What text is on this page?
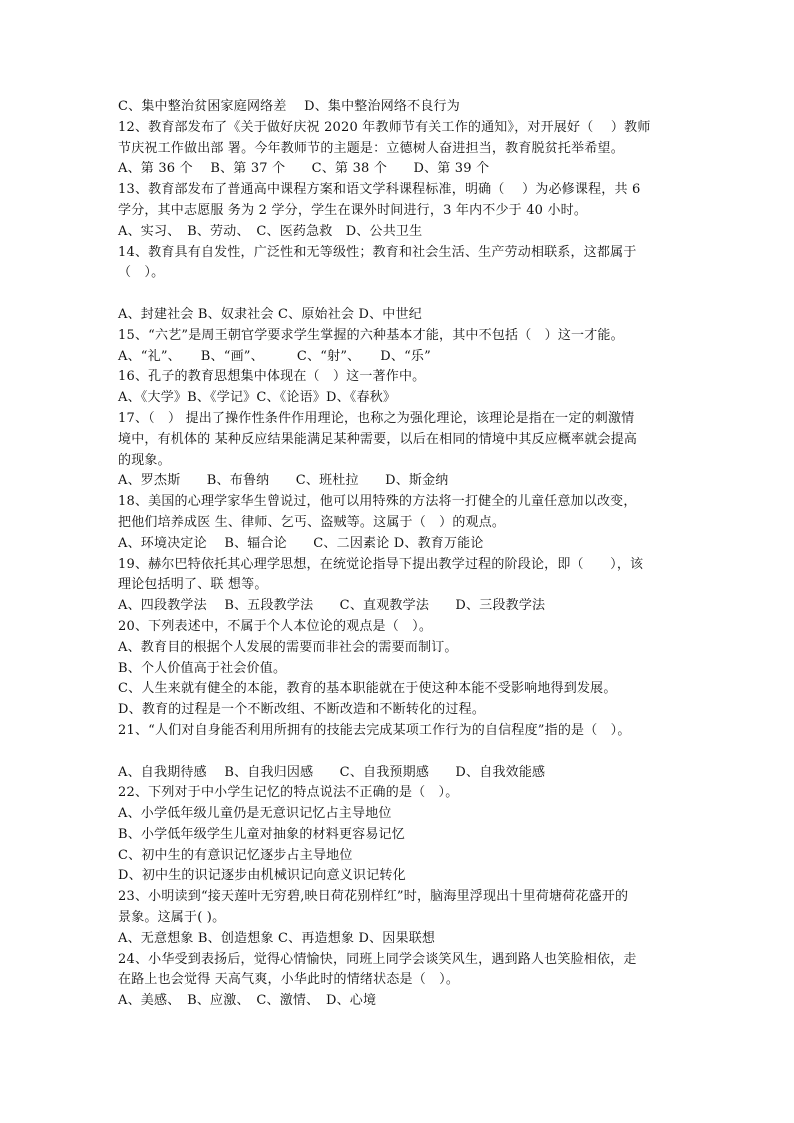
C、集中整治贫困家庭网络差　 D、集中整治网络不良行为
12、教育部发布了《关于做好庆祝 2020 年教师节有关工作的通知》，对开展好（　 ）教师
节庆祝工作做出部 署。今年教师节的主题是：立德树人奋进担当，教育脱贫托举希望。
A、第 36 个　 B、第 37 个　　C、第 38 个　　D、第 39 个
13、教育部发布了普通高中课程方案和语文学科课程标准，明确（　 ）为必修课程，共 6
学分，其中志愿服 务为 2 学分，学生在课外时间进行，3 年内不少于 40 小时。
A、实习、　B、劳动、　C、医药急救　D、公共卫生
14、教育具有自发性，广泛性和无等级性；教育和社会生活、生产劳动相联系，这都属于
（　）。
A、封建社会 B、奴隶社会 C、原始社会 D、中世纪
15、“六艺”是周王朝官学要求学生掌握的六种基本才能，其中不包括（　）这一才能。
A、“礼”、　　B、“画”、　　　C、“射”、　　D、“乐”
16、孔子的教育思想集中体现在（　）这一著作中。
A、《大学》B、《学记》C、《论语》D、《春秋》
17、（　） 提出了操作性条件作用理论，也称之为强化理论，该理论是指在一定的刺激情
境中，有机体的 某种反应结果能满足某种需要，以后在相同的情境中其反应概率就会提高
的现象。
A、罗杰斯　　B、布鲁纳　　C、班杜拉　　D、斯金纳
18、美国的心理学家华生曾说过，他可以用特殊的方法将一打健全的儿童任意加以改变，
把他们培养成医 生、律师、乞丐、盗贼等。这属于（　）的观点。
A、环境决定论　 B、辐合论　　C、二因素论 D、教育万能论
19、赫尔巴特依托其心理学思想，在统觉论指导下提出教学过程的阶段论，即（　　），该
理论包括明了、联 想等。
A、四段教学法　 B、五段教学法　　C、直观教学法　　D、三段教学法
20、下列表述中，不属于个人本位论的观点是（　）。
A、教育目的根据个人发展的需要而非社会的需要而制订。
B、个人价值高于社会价值。
C、人生来就有健全的本能，教育的基本职能就在于使这种本能不受影响地得到发展。
D、教育的过程是一个不断改组、不断改造和不断转化的过程。
21、“人们对自身能否利用所拥有的技能去完成某项工作行为的自信程度”指的是（　）。
A、自我期待感　 B、自我归因感　　C、自我预期感　　D、自我效能感
22、下列对于中小学生记忆的特点说法不正确的是（　）。
A、小学低年级儿童仍是无意识记忆占主导地位
B、小学低年级学生儿童对抽象的材料更容易记忆
C、初中生的有意识记忆逐步占主导地位
D、初中生的识记逐步由机械识记向意义识记转化
23、小明读到“接天莲叶无穷碧,映日荷花别样红”时，脑海里浮现出十里荷塘荷花盛开的
景象。这属于( )。
A、无意想象 B、创造想象 C、再造想象 D、因果联想
24、小华受到表扬后，觉得心情愉快，同班上同学会谈笑风生，遇到路人也笑脸相依，走
在路上也会觉得 天高气爽，小华此时的情绪状态是（　）。
A、美感、　B、应激、　C、激情、　D、心境
